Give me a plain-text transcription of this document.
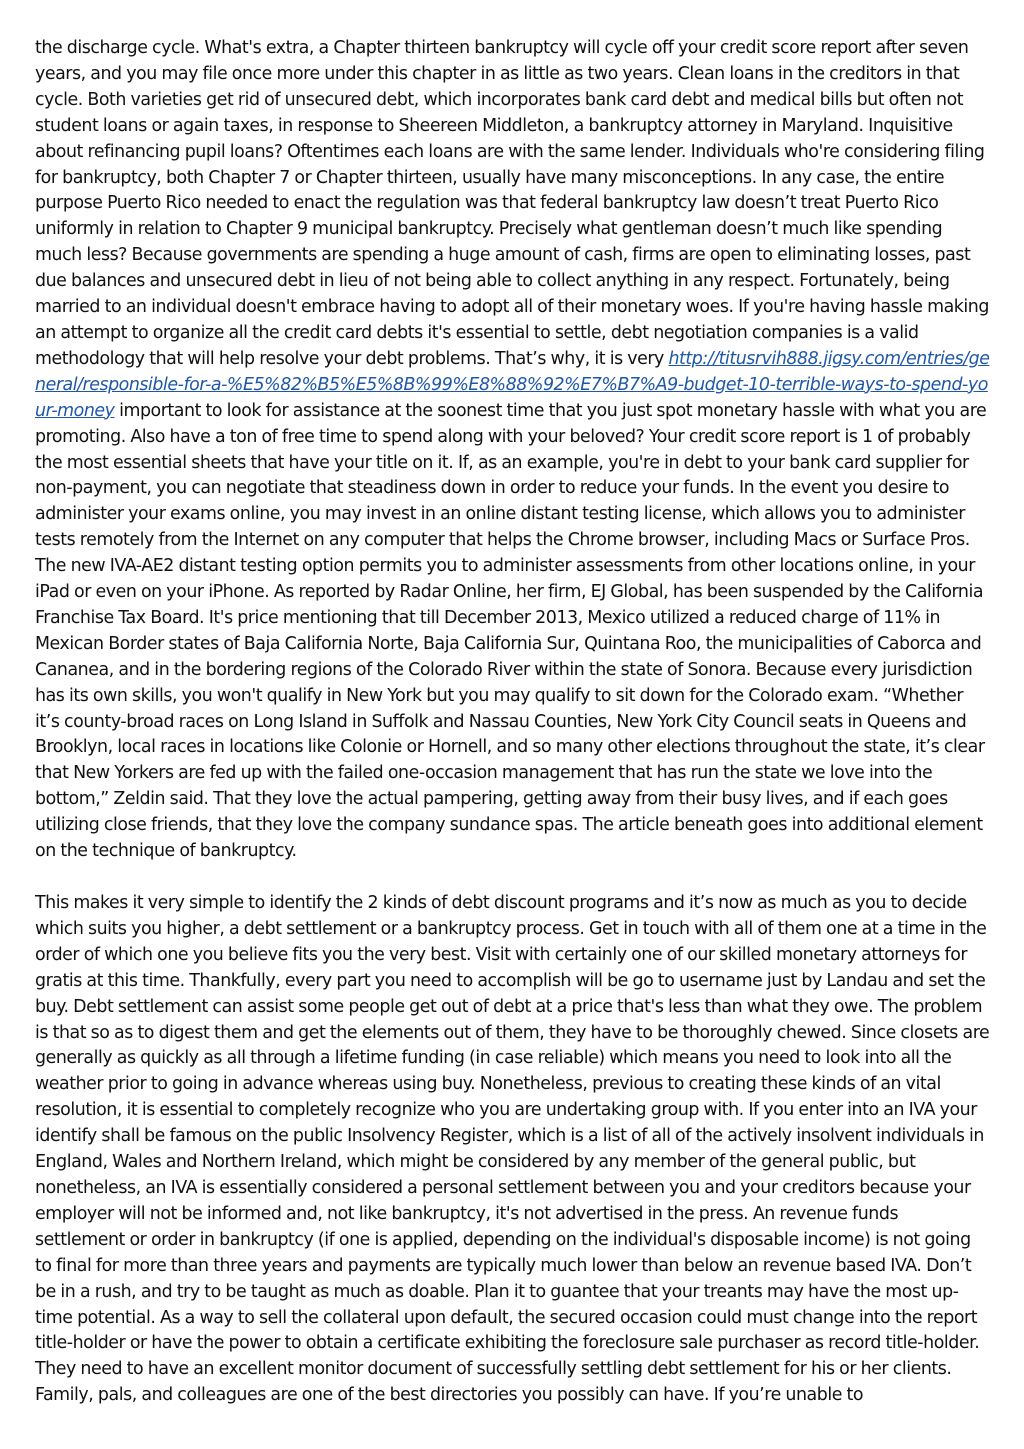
the discharge cycle. What's extra, a Chapter thirteen bankruptcy will cycle off your credit score report after seven years, and you may file once more under this chapter in as little as two years. Clean loans in the creditors in that cycle. Both varieties get rid of unsecured debt, which incorporates bank card debt and medical bills but often not student loans or again taxes, in response to Sheereen Middleton, a bankruptcy attorney in Maryland. Inquisitive about refinancing pupil loans? Oftentimes each loans are with the same lender. Individuals who're considering filing for bankruptcy, both Chapter 7 or Chapter thirteen, usually have many misconceptions. In any case, the entire purpose Puerto Rico needed to enact the regulation was that federal bankruptcy law doesn’t treat Puerto Rico uniformly in relation to Chapter 9 municipal bankruptcy. Precisely what gentleman doesn’t much like spending much less? Because governments are spending a huge amount of cash, firms are open to eliminating losses, past due balances and unsecured debt in lieu of not being able to collect anything in any respect. Fortunately, being married to an individual doesn't embrace having to adopt all of their monetary woes. If you're having hassle making an attempt to organize all the credit card debts it's essential to settle, debt negotiation companies is a valid methodology that will help resolve your debt problems. That’s why, it is very http://titusrvih888.jigsy.com/entries/general/responsible-for-a-%E5%82%B5%E5%8B%99%E8%88%92%E7%B7%A9-budget-10-terrible-ways-to-spend-your-money important to look for assistance at the soonest time that you just spot monetary hassle with what you are promoting. Also have a ton of free time to spend along with your beloved? Your credit score report is 1 of probably the most essential sheets that have your title on it. If, as an example, you're in debt to your bank card supplier for non-payment, you can negotiate that steadiness down in order to reduce your funds. In the event you desire to administer your exams online, you may invest in an online distant testing license, which allows you to administer tests remotely from the Internet on any computer that helps the Chrome browser, including Macs or Surface Pros. The new IVA-AE2 distant testing option permits you to administer assessments from other locations online, in your iPad or even on your iPhone. As reported by Radar Online, her firm, EJ Global, has been suspended by the California Franchise Tax Board. It's price mentioning that till December 2013, Mexico utilized a reduced charge of 11% in Mexican Border states of Baja California Norte, Baja California Sur, Quintana Roo, the municipalities of Caborca and Cananea, and in the bordering regions of the Colorado River within the state of Sonora. Because every jurisdiction has its own skills, you won't qualify in New York but you may qualify to sit down for the Colorado exam. “Whether it’s county-broad races on Long Island in Suffolk and Nassau Counties, New York City Council seats in Queens and Brooklyn, local races in locations like Colonie or Hornell, and so many other elections throughout the state, it’s clear that New Yorkers are fed up with the failed one-occasion management that has run the state we love into the bottom,” Zeldin said. That they love the actual pampering, getting away from their busy lives, and if each goes utilizing close friends, that they love the company sundance spas. The article beneath goes into additional element on the technique of bankruptcy.

This makes it very simple to identify the 2 kinds of debt discount programs and it’s now as much as you to decide which suits you higher, a debt settlement or a bankruptcy process. Get in touch with all of them one at a time in the order of which one you believe fits you the very best. Visit with certainly one of our skilled monetary attorneys for gratis at this time. Thankfully, every part you need to accomplish will be go to username just by Landau and set the buy. Debt settlement can assist some people get out of debt at a price that's less than what they owe. The problem is that so as to digest them and get the elements out of them, they have to be thoroughly chewed. Since closets are generally as quickly as all through a lifetime funding (in case reliable) which means you need to look into all the weather prior to going in advance whereas using buy. Nonetheless, previous to creating these kinds of an vital resolution, it is essential to completely recognize who you are undertaking group with. If you enter into an IVA your identify shall be famous on the public Insolvency Register, which is a list of all of the actively insolvent individuals in England, Wales and Northern Ireland, which might be considered by any member of the general public, but nonetheless, an IVA is essentially considered a personal settlement between you and your creditors because your employer will not be informed and, not like bankruptcy, it's not advertised in the press. An revenue funds settlement or order in bankruptcy (if one is applied, depending on the individual's disposable income) is not going to final for more than three years and payments are typically much lower than below an revenue based IVA. Don’t be in a rush, and try to be taught as much as doable. Plan it to guantee that your treants may have the most up-time potential. As a way to sell the collateral upon default, the secured occasion could must change into the report title-holder or have the power to obtain a certificate exhibiting the foreclosure sale purchaser as record title-holder. They need to have an excellent monitor document of successfully settling debt settlement for his or her clients. Family, pals, and colleagues are one of the best directories you possibly can have. If you’re unable to
